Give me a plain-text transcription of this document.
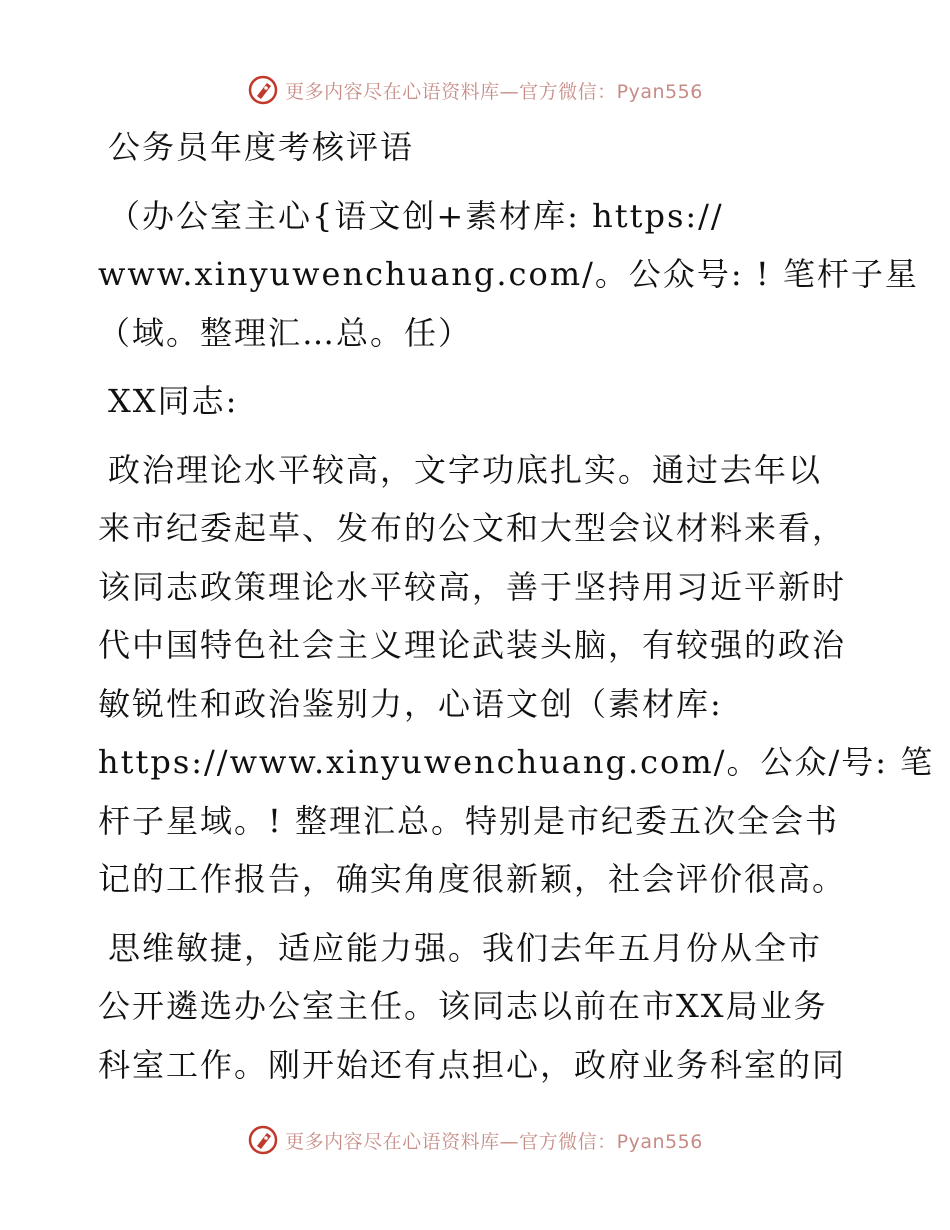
更多内容尽在心语资料库—官方微信：Pyan556
公务员年度考核评语
（办公室主心{语文创+素材库: https://
www.xinyuwenchuang.com/。公众号: ! 笔杆子星
（域。整理汇…总。任）
XX同志:
政治理论水平较高，文字功底扎实。通过去年以
来市纪委起草、发布的公文和大型会议材料来看，
该同志政策理论水平较高，善于坚持用习近平新时
代中国特色社会主义理论武装头脑，有较强的政治
敏锐性和政治鉴别力，心语文创（素材库:
https://www.xinyuwenchuang.com/。公众/号: 笔
杆子星域。! 整理汇总。特别是市纪委五次全会书
记的工作报告，确实角度很新颖，社会评价很高。
思维敏捷，适应能力强。我们去年五月份从全市
公开遴选办公室主任。该同志以前在市XX局业务
科室工作。刚开始还有点担心，政府业务科室的同
更多内容尽在心语资料库—官方微信：Pyan556
